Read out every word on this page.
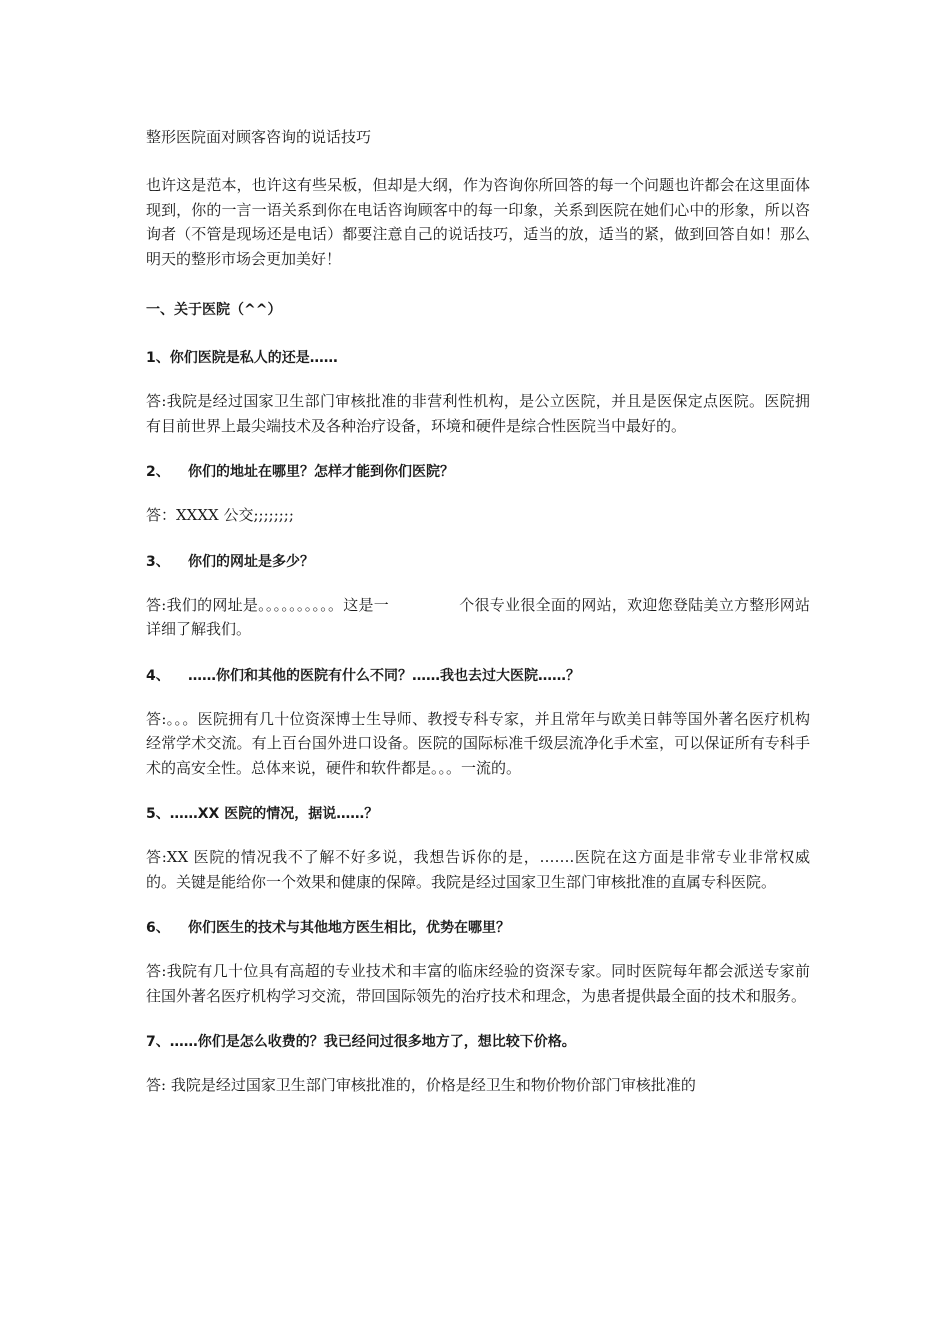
整形医院面对顾客咨询的说话技巧

也许这是范本，也许这有些呆板，但却是大纲，作为咨询你所回答的每一个问题也许都会在这里面体现到，你的一言一语关系到你在电话咨询顾客中的每一印象，关系到医院在她们心中的形象，所以咨询者（不管是现场还是电话）都要注意自己的说话技巧，适当的放，适当的紧，做到回答自如！那么明天的整形市场会更加美好！

一、关于医院（^^）

1、你们医院是私人的还是……

答:我院是经过国家卫生部门审核批准的非营利性机构，是公立医院，并且是医保定点医院。医院拥有目前世界上最尖端技术及各种治疗设备，环境和硬件是综合性医院当中最好的。

2、 你们的地址在哪里？怎样才能到你们医院？

答：XXXX 公交;;;;;;;;

3、 你们的网址是多少？

答:我们的网址是。。。。。。。。。。这是一	个很专业很全面的网站，欢迎您登陆美立方整形网站详细了解我们。

4、 ……你们和其他的医院有什么不同？……我也去过大医院……？

答:。。。医院拥有几十位资深博士生导师、教授专科专家，并且常年与欧美日韩等国外著名医疗机构经常学术交流。有上百台国外进口设备。医院的国际标准千级层流净化手术室，可以保证所有专科手术的高安全性。总体来说，硬件和软件都是。。。一流的。

5、……XX 医院的情况，据说……？

答:XX 医院的情况我不了解不好多说，我想告诉你的是，…….医院在这方面是非常专业非常权威的。关键是能给你一个效果和健康的保障。我院是经过国家卫生部门审核批准的直属专科医院。

6、 你们医生的技术与其他地方医生相比，优势在哪里？

答:我院有几十位具有高超的专业技术和丰富的临床经验的资深专家。同时医院每年都会派送专家前往国外著名医疗机构学习交流，带回国际领先的治疗技术和理念，为患者提供最全面的技术和服务。

7、……你们是怎么收费的？我已经问过很多地方了，想比较下价格。

答: 我院是经过国家卫生部门审核批准的，价格是经卫生和物价物价部门审核批准的
